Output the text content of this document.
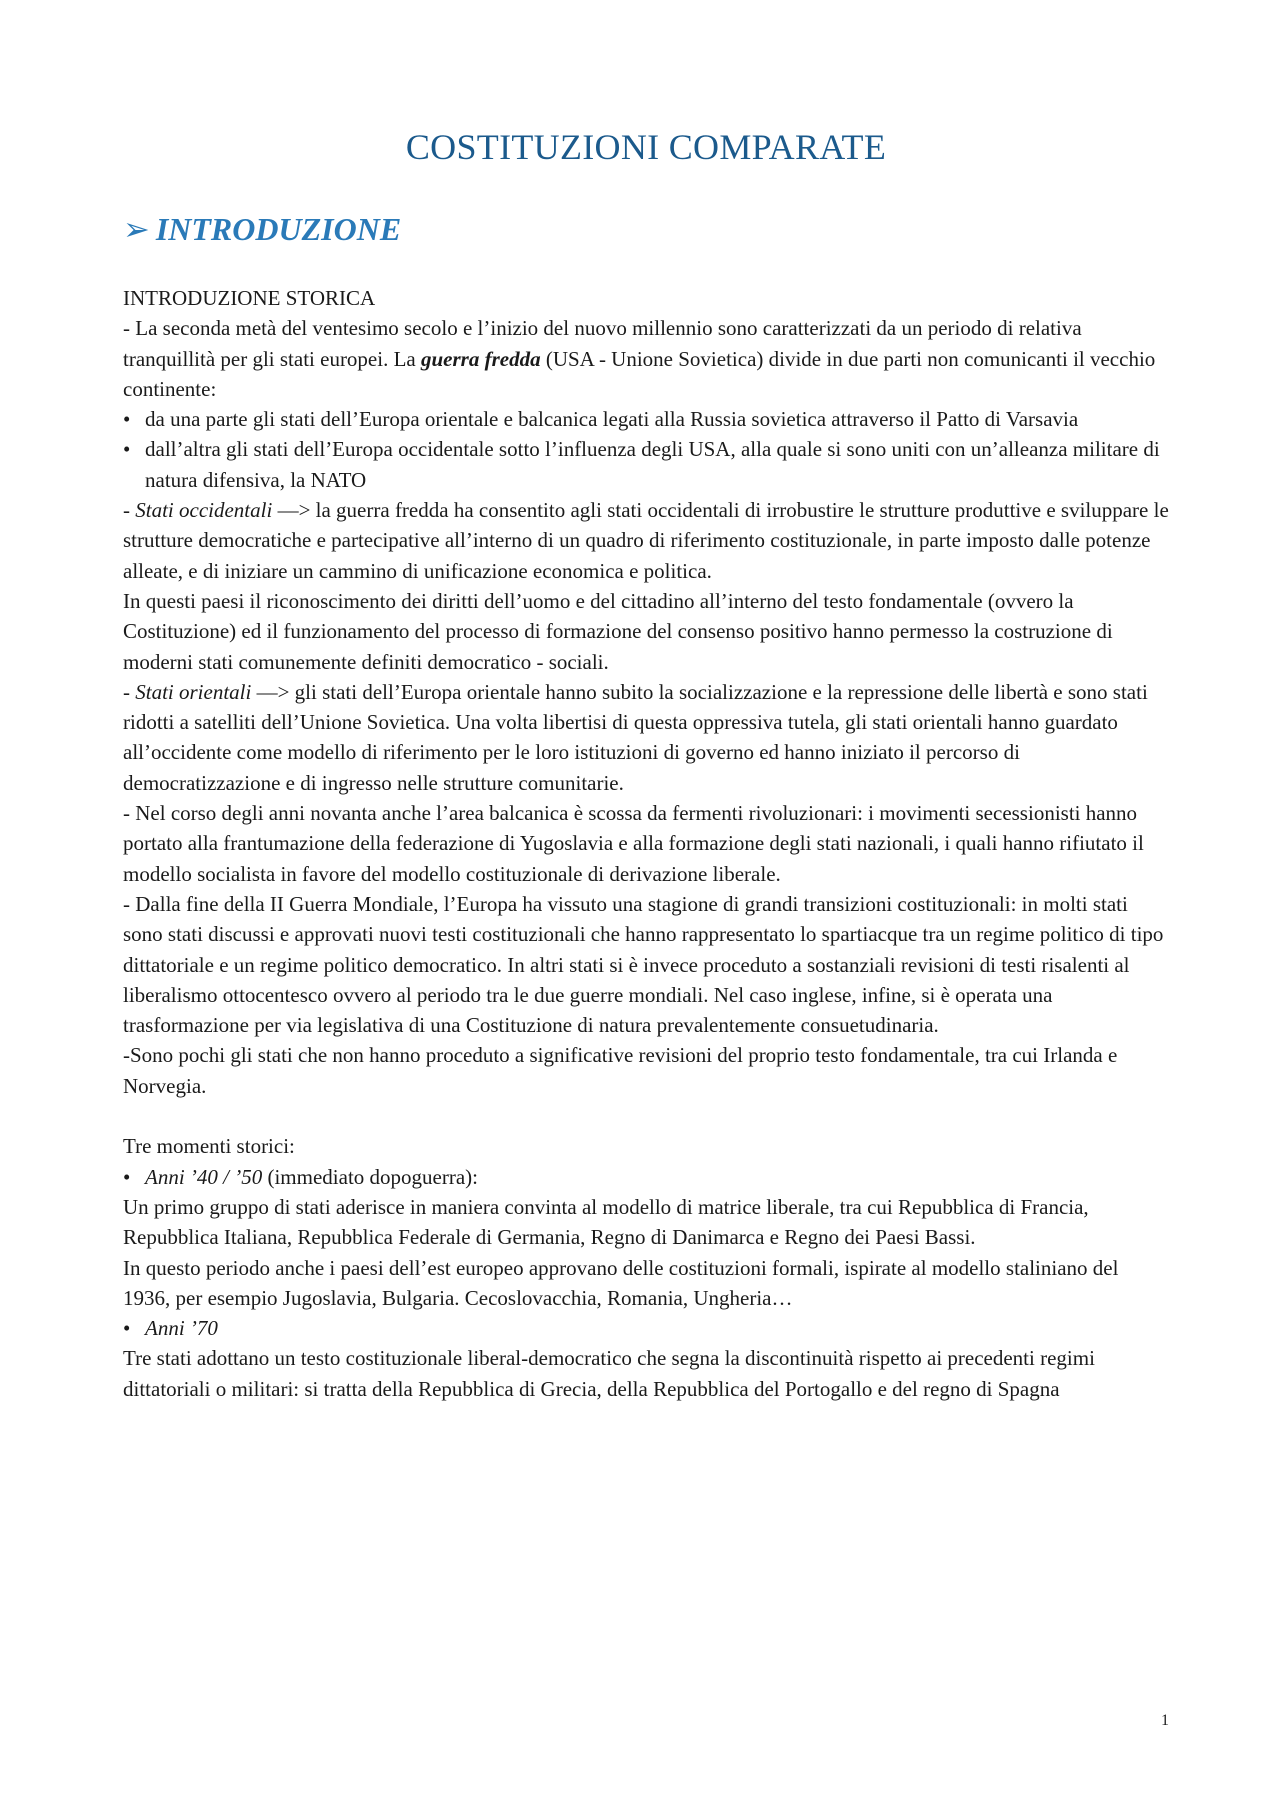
COSTITUZIONI COMPARATE
➢ INTRODUZIONE

INTRODUZIONE STORICA

- La seconda metà del ventesimo secolo e l’inizio del nuovo millennio sono caratterizzati da un periodo di relativa tranquillità per gli stati europei. La guerra fredda (USA - Unione Sovietica) divide in due parti non comunicanti il vecchio continente:

• da una parte gli stati dell’Europa orientale e balcanica legati alla Russia sovietica attraverso il Patto di Varsavia

• dall’altra gli stati dell’Europa occidentale sotto l’influenza degli USA, alla quale si sono uniti con un’alleanza militare di natura difensiva, la NATO

- Stati occidentali —> la guerra fredda ha consentito agli stati occidentali di irrobustire le strutture produttive e sviluppare le strutture democratiche e partecipative all’interno di un quadro di riferimento costituzionale, in parte imposto dalle potenze alleate, e di iniziare un cammino di unificazione economica e politica.

In questi paesi il riconoscimento dei diritti dell’uomo e del cittadino all’interno del testo fondamentale (ovvero la Costituzione) ed il funzionamento del processo di formazione del consenso positivo hanno permesso la costruzione di moderni stati comunemente definiti democratico - sociali.

- Stati orientali —> gli stati dell’Europa orientale hanno subito la socializzazione e la repressione delle libertà e sono stati ridotti a satelliti dell’Unione Sovietica. Una volta libertisi di questa oppressiva tutela, gli stati orientali hanno guardato all’occidente come modello di riferimento per le loro istituzioni di governo ed hanno iniziato il percorso di democratizzazione e di ingresso nelle strutture comunitarie.

- Nel corso degli anni novanta anche l’area balcanica è scossa da fermenti rivoluzionari: i movimenti secessionisti hanno portato alla frantumazione della federazione di Yugoslavia e alla formazione degli stati nazionali, i quali hanno rifiutato il modello socialista in favore del modello costituzionale di derivazione liberale.

- Dalla fine della II Guerra Mondiale, l’Europa ha vissuto una stagione di grandi transizioni costituzionali: in molti stati sono stati discussi e approvati nuovi testi costituzionali che hanno rappresentato lo spartiacque tra un regime politico di tipo dittatoriale e un regime politico democratico. In altri stati si è invece proceduto a sostanziali revisioni di testi risalenti al liberalismo ottocentesco ovvero al periodo tra le due guerre mondiali. Nel caso inglese, infine, si è operata una trasformazione per via legislativa di una Costituzione di natura prevalentemente consuetudinaria.

-Sono pochi gli stati che non hanno proceduto a significative revisioni del proprio testo fondamentale, tra cui Irlanda e Norvegia.

Tre momenti storici:

• Anni ’40 / ’50 (immediato dopoguerra):

Un primo gruppo di stati aderisce in maniera convinta al modello di matrice liberale, tra cui Repubblica di Francia, Repubblica Italiana, Repubblica Federale di Germania, Regno di Danimarca e Regno dei Paesi Bassi.

In questo periodo anche i paesi dell’est europeo approvano delle costituzioni formali, ispirate al modello staliniano del 1936, per esempio Jugoslavia, Bulgaria. Cecoslovacchia, Romania, Ungheria…

• Anni ’70

Tre stati adottano un testo costituzionale liberal-democratico che segna la discontinuità rispetto ai precedenti regimi dittatoriali o militari: si tratta della Repubblica di Grecia, della Repubblica del Portogallo e del regno di Spagna

1
